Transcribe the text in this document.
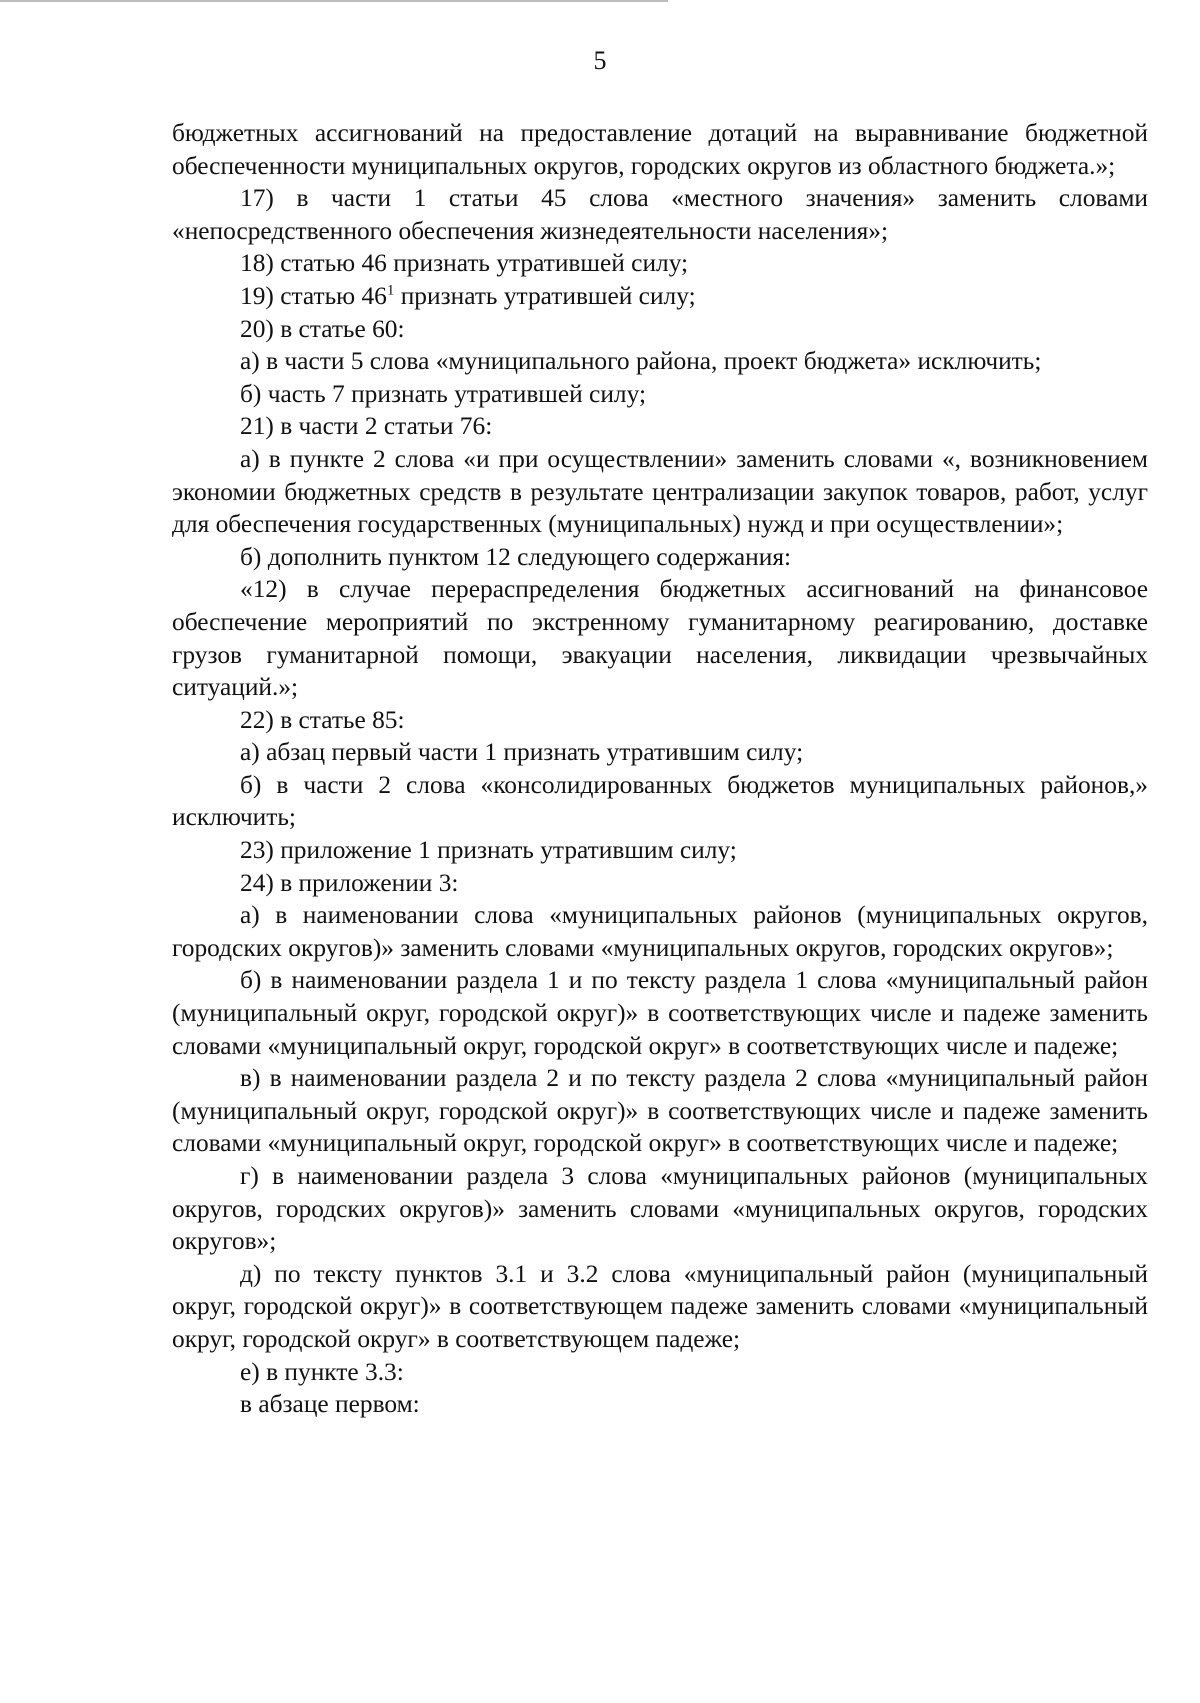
5

бюджетных ассигнований на предоставление дотаций на выравнивание бюджетной обеспеченности муниципальных округов, городских округов из областного бюджета.»;

17) в части 1 статьи 45 слова «местного значения» заменить словами «непосредственного обеспечения жизнедеятельности населения»;

18) статью 46 признать утратившей силу;

19) статью $46^1$ признать утратившей силу;

20) в статье 60:

а) в части 5 слова «муниципального района, проект бюджета» исключить;

б) часть 7 признать утратившей силу;

21) в части 2 статьи 76:

а) в пункте 2 слова «и при осуществлении» заменить словами «, возникновением экономии бюджетных средств в результате централизации закупок товаров, работ, услуг для обеспечения государственных (муниципальных) нужд и при осуществлении»;

б) дополнить пунктом 12 следующего содержания:

«12) в случае перераспределения бюджетных ассигнований на финансовое обеспечение мероприятий по экстренному гуманитарному реагированию, доставке грузов гуманитарной помощи, эвакуации населения, ликвидации чрезвычайных ситуаций.»;

22) в статье 85:

а) абзац первый части 1 признать утратившим силу;

б) в части 2 слова «консолидированных бюджетов муниципальных районов,» исключить;

23) приложение 1 признать утратившим силу;

24) в приложении 3:

а) в наименовании слова «муниципальных районов (муниципальных округов, городских округов)» заменить словами «муниципальных округов, городских округов»;

б) в наименовании раздела 1 и по тексту раздела 1 слова «муниципальный район (муниципальный округ, городской округ)» в соответствующих числе и падеже заменить словами «муниципальный округ, городской округ» в соответствующих числе и падеже;

в) в наименовании раздела 2 и по тексту раздела 2 слова «муниципальный район (муниципальный округ, городской округ)» в соответствующих числе и падеже заменить словами «муниципальный округ, городской округ» в соответствующих числе и падеже;

г) в наименовании раздела 3 слова «муниципальных районов (муниципальных округов, городских округов)» заменить словами «муниципальных округов, городских округов»;

д) по тексту пунктов 3.1 и 3.2 слова «муниципальный район (муниципальный округ, городской округ)» в соответствующем падеже заменить словами «муниципальный округ, городской округ» в соответствующем падеже;

е) в пункте 3.3:

в абзаце первом:
